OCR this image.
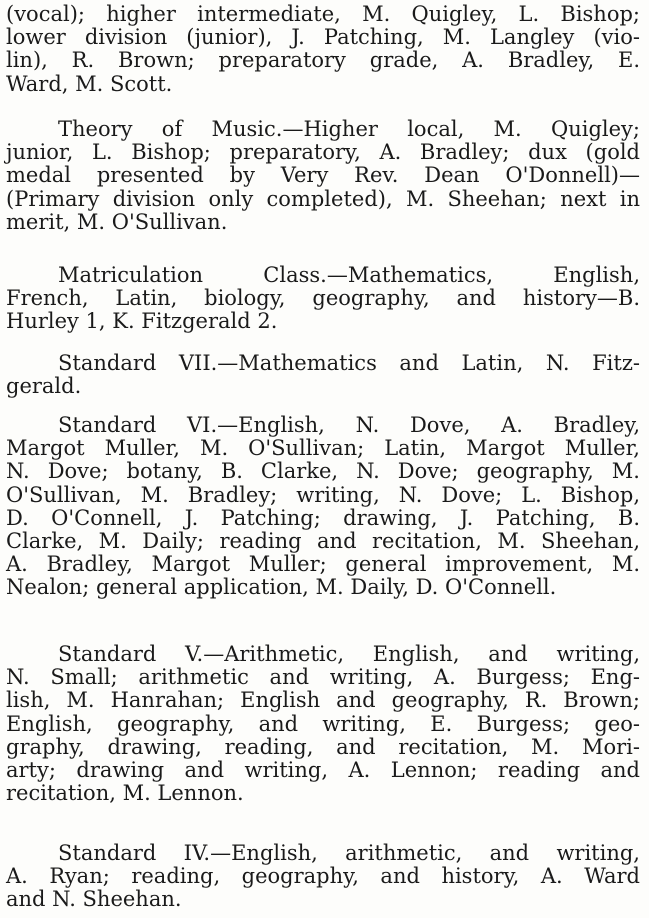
(vocal); higher intermediate, M. Quigley, L. Bishop;
lower division (junior), J. Patching, M. Langley (vio-
lin), R. Brown; preparatory grade, A. Bradley, E.
Ward, M. Scott.
Theory of Music.—Higher local, M. Quigley;
junior, L. Bishop; preparatory, A. Bradley; dux (gold
medal presented by Very Rev. Dean O'Donnell)—
(Primary division only completed), M. Sheehan; next in
merit, M. O'Sullivan.
Matriculation Class.—Mathematics, English,
French, Latin, biology, geography, and history—B.
Hurley 1, K. Fitzgerald 2.
Standard VII.—Mathematics and Latin, N. Fitz-
gerald.
Standard VI.—English, N. Dove, A. Bradley,
Margot Muller, M. O'Sullivan; Latin, Margot Muller,
N. Dove; botany, B. Clarke, N. Dove; geography, M.
O'Sullivan, M. Bradley; writing, N. Dove; L. Bishop,
D. O'Connell, J. Patching; drawing, J. Patching, B.
Clarke, M. Daily; reading and recitation, M. Sheehan,
A. Bradley, Margot Muller; general improvement, M.
Nealon; general application, M. Daily, D. O'Connell.
Standard V.—Arithmetic, English, and writing,
N. Small; arithmetic and writing, A. Burgess; Eng-
lish, M. Hanrahan; English and geography, R. Brown;
English, geography, and writing, E. Burgess; geo-
graphy, drawing, reading, and recitation, M. Mori-
arty; drawing and writing, A. Lennon; reading and
recitation, M. Lennon.
Standard IV.—English, arithmetic, and writing,
A. Ryan; reading, geography, and history, A. Ward
and N. Sheehan.
